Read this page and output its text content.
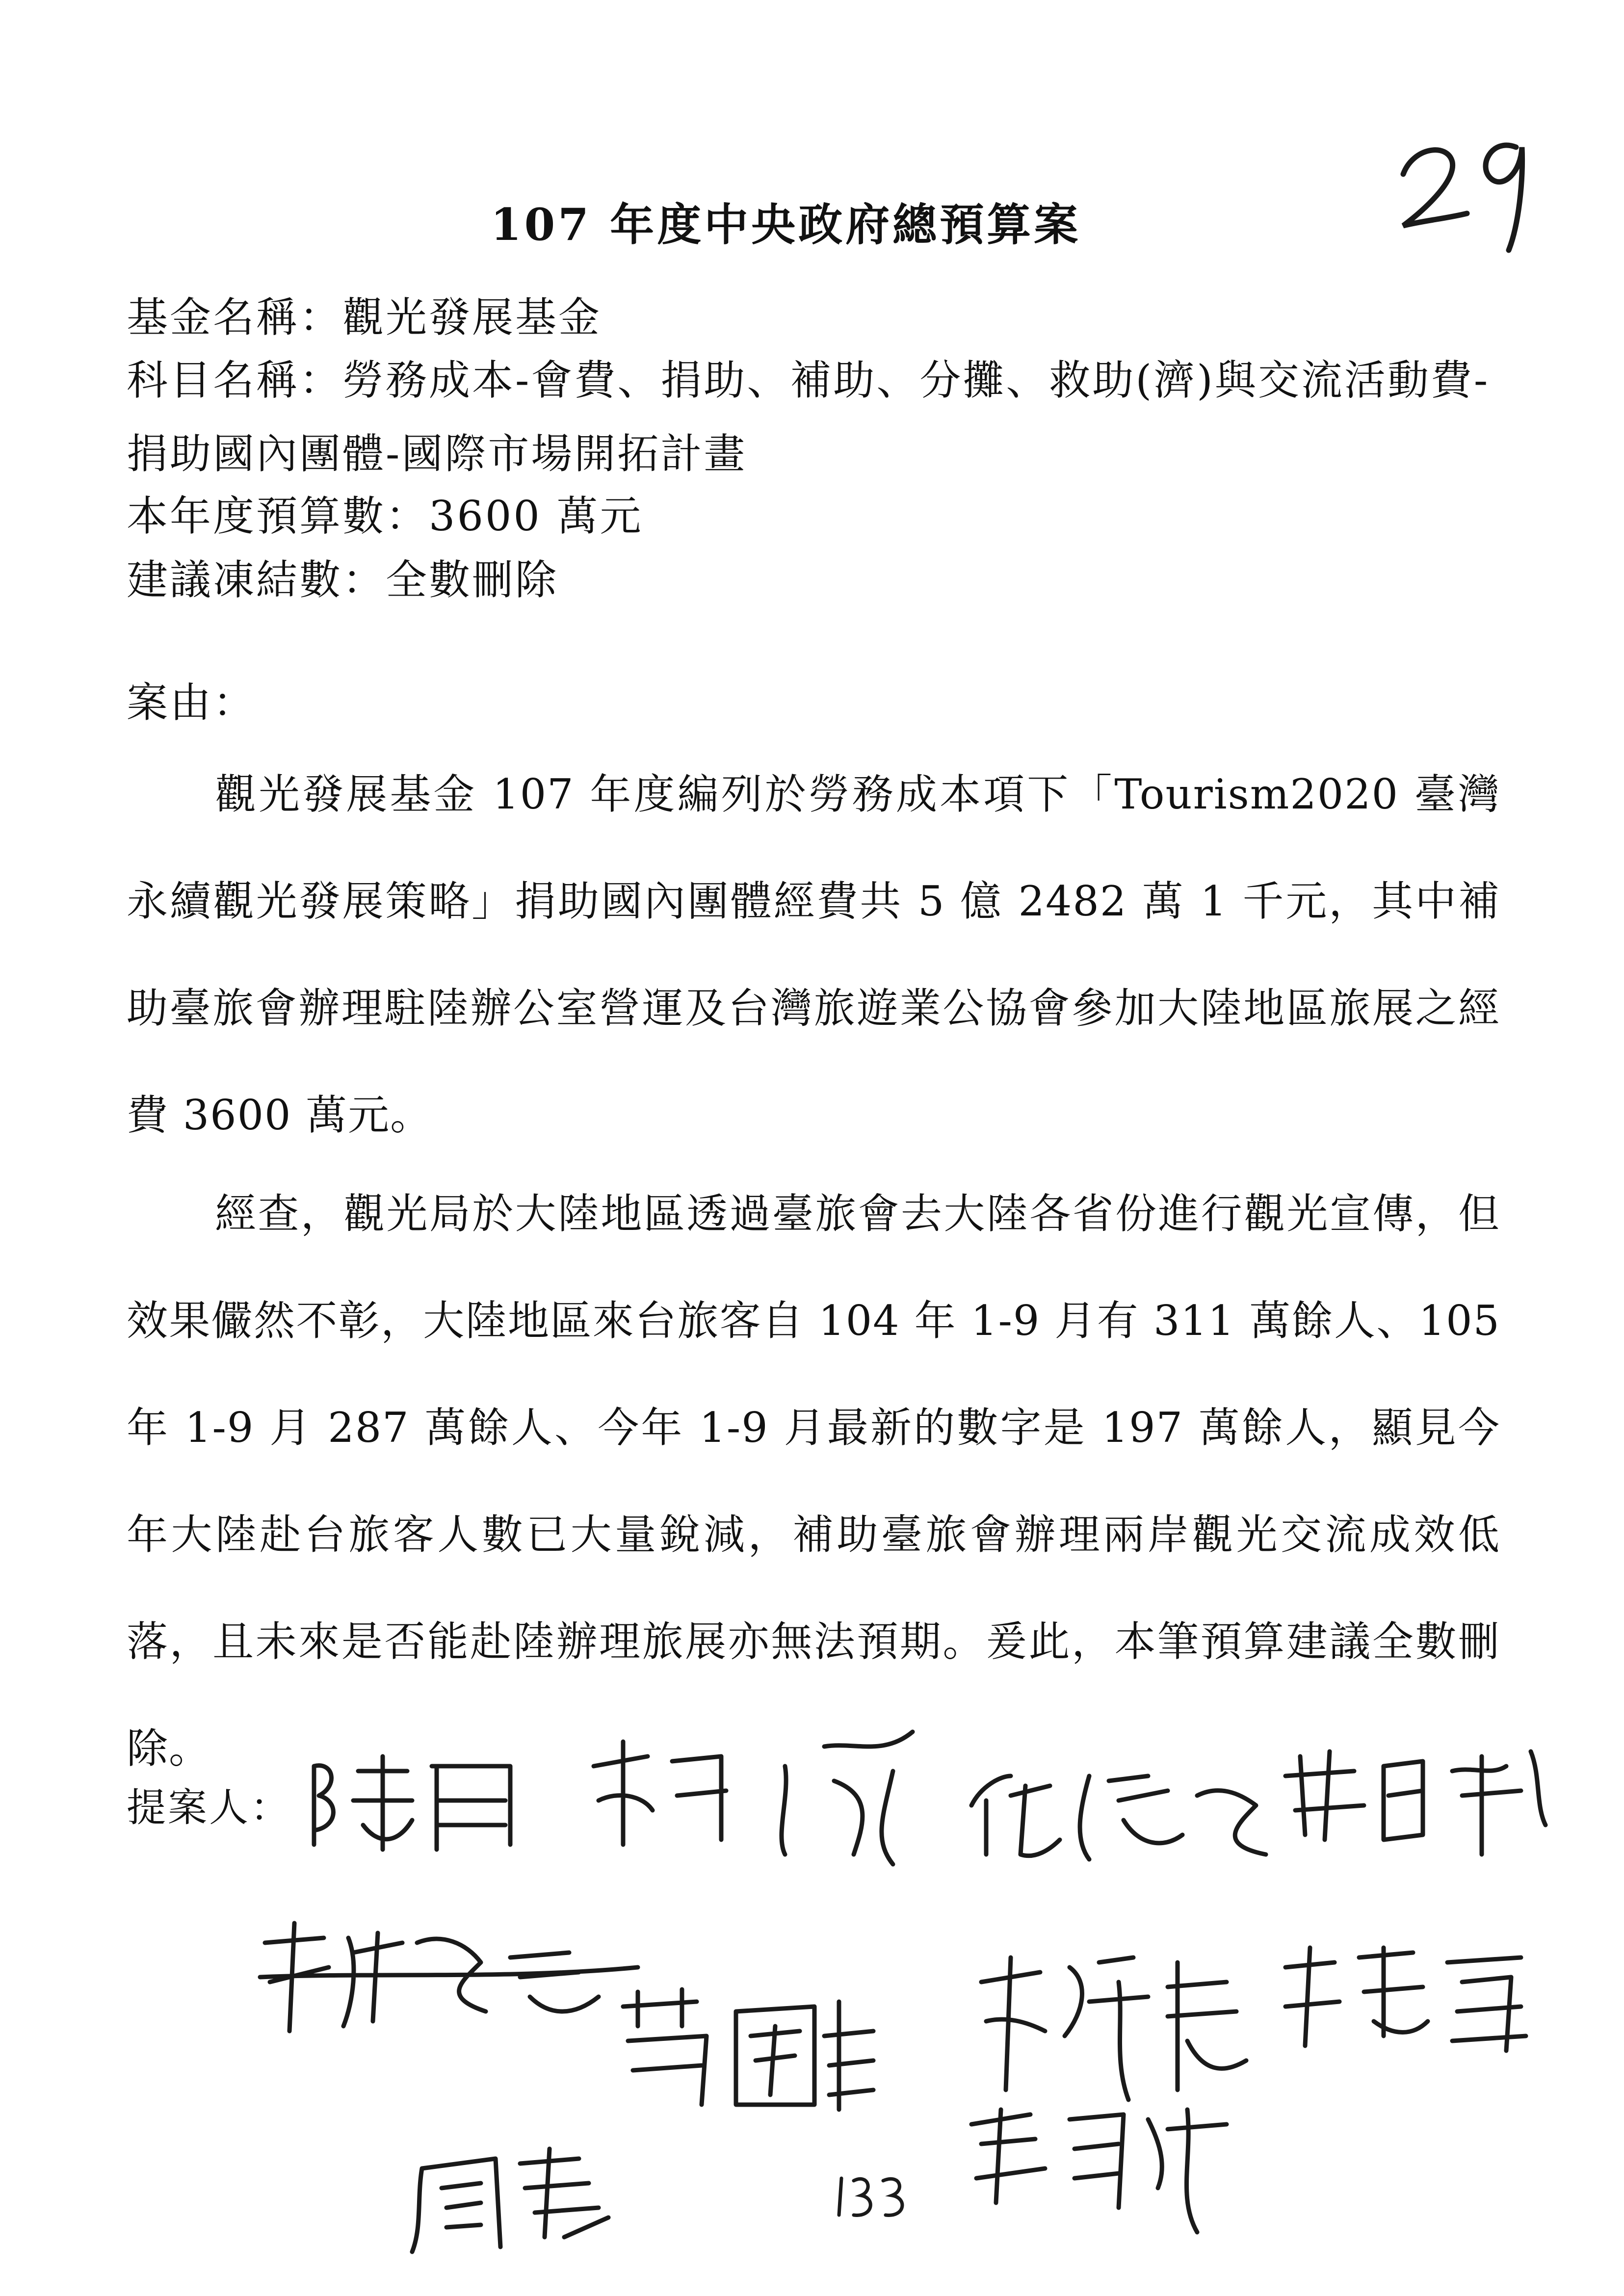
107 年度中央政府總預算案
基金名稱：觀光發展基金
科目名稱：勞務成本-會費、捐助、補助、分攤、救助(濟)與交流活動費-捐助國內團體-國際市場開拓計畫
本年度預算數：3600 萬元
建議凍結數：全數刪除
案由：
觀光發展基金 107 年度編列於勞務成本項下「Tourism2020 臺灣永續觀光發展策略」捐助國內團體經費共 5 億 2482 萬 1 千元，其中補助臺旅會辦理駐陸辦公室營運及台灣旅遊業公協會參加大陸地區旅展之經費 3600 萬元。
經查，觀光局於大陸地區透過臺旅會去大陸各省份進行觀光宣傳，但效果儼然不彰，大陸地區來台旅客自 104 年 1-9 月有 311 萬餘人、105 年 1-9 月 287 萬餘人、今年 1-9 月最新的數字是 197 萬餘人，顯見今年大陸赴台旅客人數已大量銳減，補助臺旅會辦理兩岸觀光交流成效低落，且未來是否能赴陸辦理旅展亦無法預期。爰此，本筆預算建議全數刪除。
提案人：
